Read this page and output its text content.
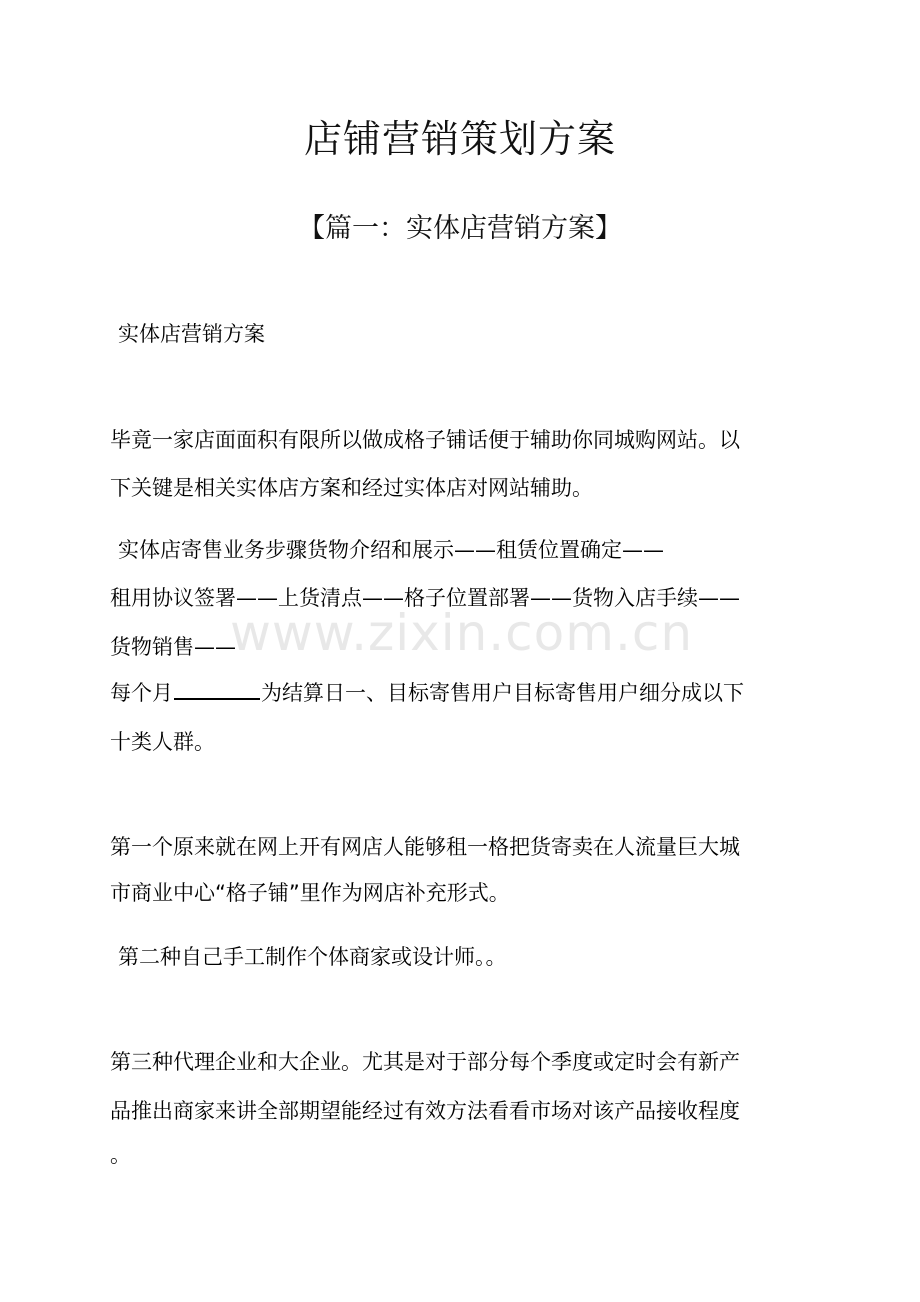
店铺营销策划方案
【篇一：实体店营销方案】
实体店营销方案
毕竟一家店面面积有限所以做成格子铺话便于辅助你同城购网站。以
下关键是相关实体店方案和经过实体店对网站辅助。
实体店寄售业务步骤货物介绍和展示——租赁位置确定——
租用协议签署——上货清点——格子位置部署——货物入店手续——
货物销售——
每个月	为结算日一、目标寄售用户目标寄售用户细分成以下
十类人群。
第一个原来就在网上开有网店人能够租一格把货寄卖在人流量巨大城
市商业中心“格子铺”里作为网店补充形式。
第二种自己手工制作个体商家或设计师。。
第三种代理企业和大企业。尤其是对于部分每个季度或定时会有新产
品推出商家来讲全部期望能经过有效方法看看市场对该产品接收程度
。
www.zixin.com.cn
